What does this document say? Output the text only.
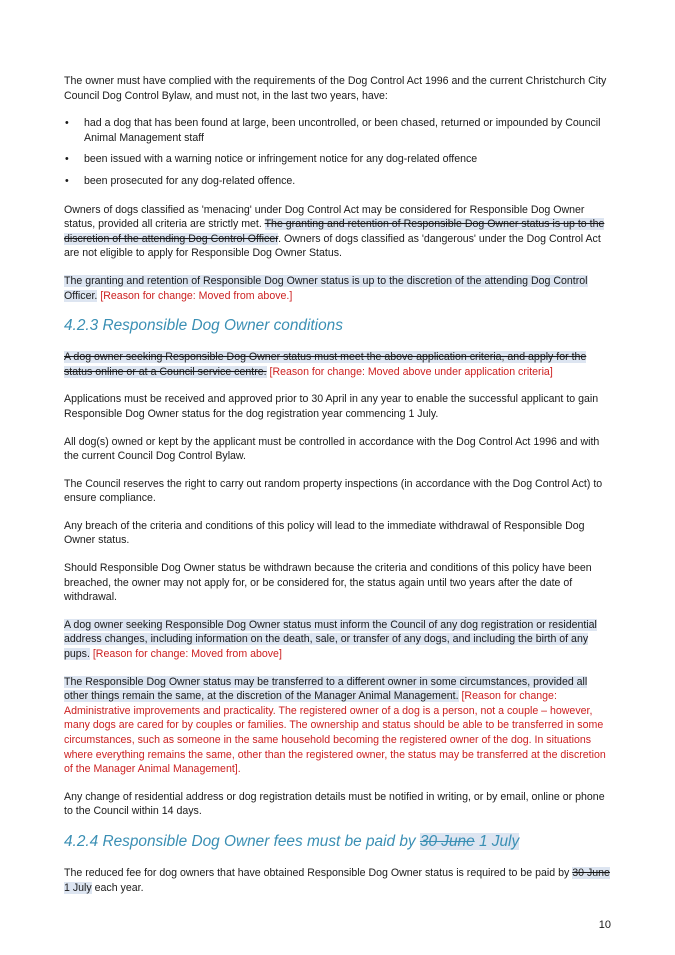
The owner must have complied with the requirements of the Dog Control Act 1996 and the current Christchurch City Council Dog Control Bylaw, and must not, in the last two years, have:

• had a dog that has been found at large, been uncontrolled, or been chased, returned or impounded by Council Animal Management staff
• been issued with a warning notice or infringement notice for any dog-related offence
• been prosecuted for any dog-related offence.

Owners of dogs classified as 'menacing' under Dog Control Act may be considered for Responsible Dog Owner status, provided all criteria are strictly met. The granting and retention of Responsible Dog Owner status is up to the discretion of the attending Dog Control Officer. Owners of dogs classified as 'dangerous' under the Dog Control Act are not eligible to apply for Responsible Dog Owner Status.

The granting and retention of Responsible Dog Owner status is up to the discretion of the attending Dog Control Officer. [Reason for change: Moved from above.]

4.2.3 Responsible Dog Owner conditions

A dog owner seeking Responsible Dog Owner status must meet the above application criteria, and apply for the status online or at a Council service centre. [Reason for change: Moved above under application criteria]

Applications must be received and approved prior to 30 April in any year to enable the successful applicant to gain Responsible Dog Owner status for the dog registration year commencing 1 July.

All dog(s) owned or kept by the applicant must be controlled in accordance with the Dog Control Act 1996 and with the current Council Dog Control Bylaw.

The Council reserves the right to carry out random property inspections (in accordance with the Dog Control Act) to ensure compliance.

Any breach of the criteria and conditions of this policy will lead to the immediate withdrawal of Responsible Dog Owner status.

Should Responsible Dog Owner status be withdrawn because the criteria and conditions of this policy have been breached, the owner may not apply for, or be considered for, the status again until two years after the date of withdrawal.

A dog owner seeking Responsible Dog Owner status must inform the Council of any dog registration or residential address changes, including information on the death, sale, or transfer of any dogs, and including the birth of any pups. [Reason for change: Moved from above]

The Responsible Dog Owner status may be transferred to a different owner in some circumstances, provided all other things remain the same, at the discretion of the Manager Animal Management. [Reason for change: Administrative improvements and practicality. The registered owner of a dog is a person, not a couple – however, many dogs are cared for by couples or families. The ownership and status should be able to be transferred in some circumstances, such as someone in the same household becoming the registered owner of the dog. In situations where everything remains the same, other than the registered owner, the status may be transferred at the discretion of the Manager Animal Management].

Any change of residential address or dog registration details must be notified in writing, or by email, online or phone to the Council within 14 days.

4.2.4 Responsible Dog Owner fees must be paid by 30 June 1 July

The reduced fee for dog owners that have obtained Responsible Dog Owner status is required to be paid by 30 June 1 July each year.

10
